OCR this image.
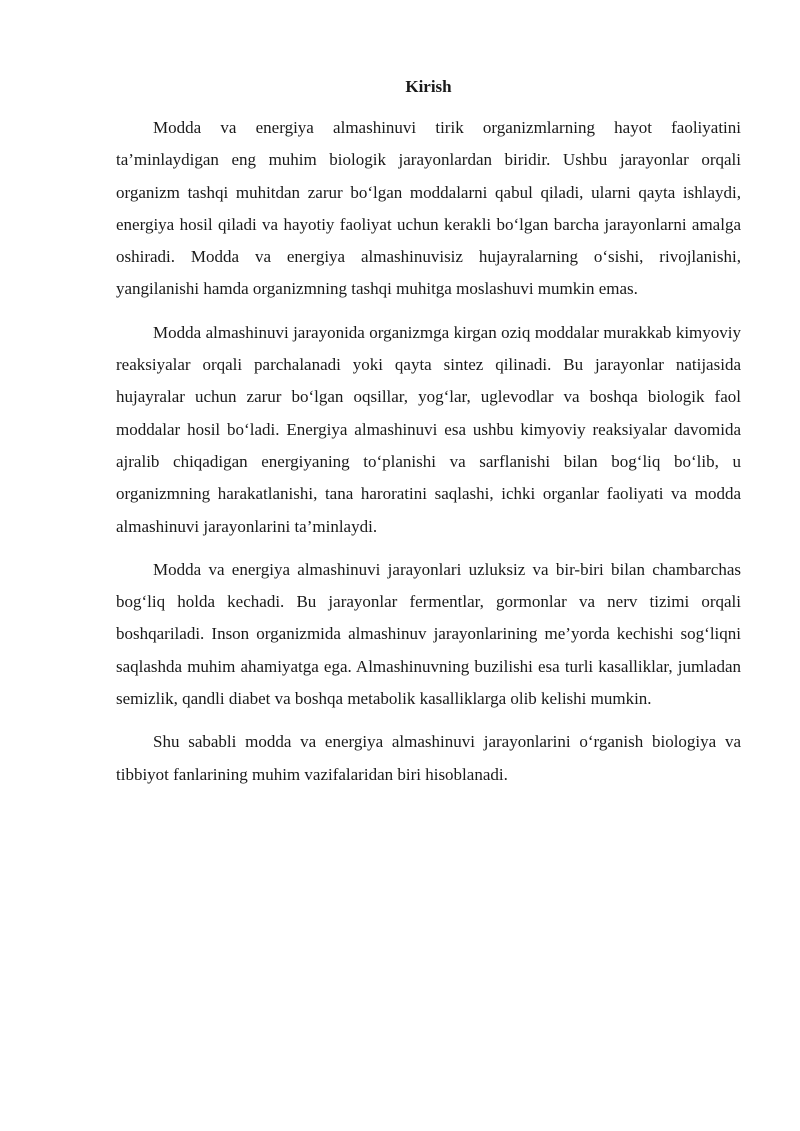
Kirish

Modda va energiya almashinuvi tirik organizmlarning hayot faoliyatini ta’minlaydigan eng muhim biologik jarayonlardan biridir. Ushbu jarayonlar orqali organizm tashqi muhitdan zarur bo‘lgan moddalarni qabul qiladi, ularni qayta ishlaydi, energiya hosil qiladi va hayotiy faoliyat uchun kerakli bo‘lgan barcha jarayonlarni amalga oshiradi. Modda va energiya almashinuvisiz hujayralarning o‘sishi, rivojlanishi, yangilanishi hamda organizmning tashqi muhitga moslashuvi mumkin emas.

Modda almashinuvi jarayonida organizmga kirgan oziq moddalar murakkab kimyoviy reaksiyalar orqali parchalanadi yoki qayta sintez qilinadi. Bu jarayonlar natijasida hujayralar uchun zarur bo‘lgan oqsillar, yog‘lar, uglevodlar va boshqa biologik faol moddalar hosil bo‘ladi. Energiya almashinuvi esa ushbu kimyoviy reaksiyalar davomida ajralib chiqadigan energiyaning to‘planishi va sarflanishi bilan bog‘liq bo‘lib, u organizmning harakatlanishi, tana haroratini saqlashi, ichki organlar faoliyati va modda almashinuvi jarayonlarini ta’minlaydi.

Modda va energiya almashinuvi jarayonlari uzluksiz va bir-biri bilan chambarchas bog‘liq holda kechadi. Bu jarayonlar fermentlar, gormonlar va nerv tizimi orqali boshqariladi. Inson organizmida almashinuv jarayonlarining me’yorda kechishi sog‘liqni saqlashda muhim ahamiyatga ega. Almashinuvning buzilishi esa turli kasalliklar, jumladan semizlik, qandli diabet va boshqa metabolik kasalliklarga olib kelishi mumkin.

Shu sababli modda va energiya almashinuvi jarayonlarini o‘rganish biologiya va tibbiyot fanlarining muhim vazifalaridan biri hisoblanadi.
